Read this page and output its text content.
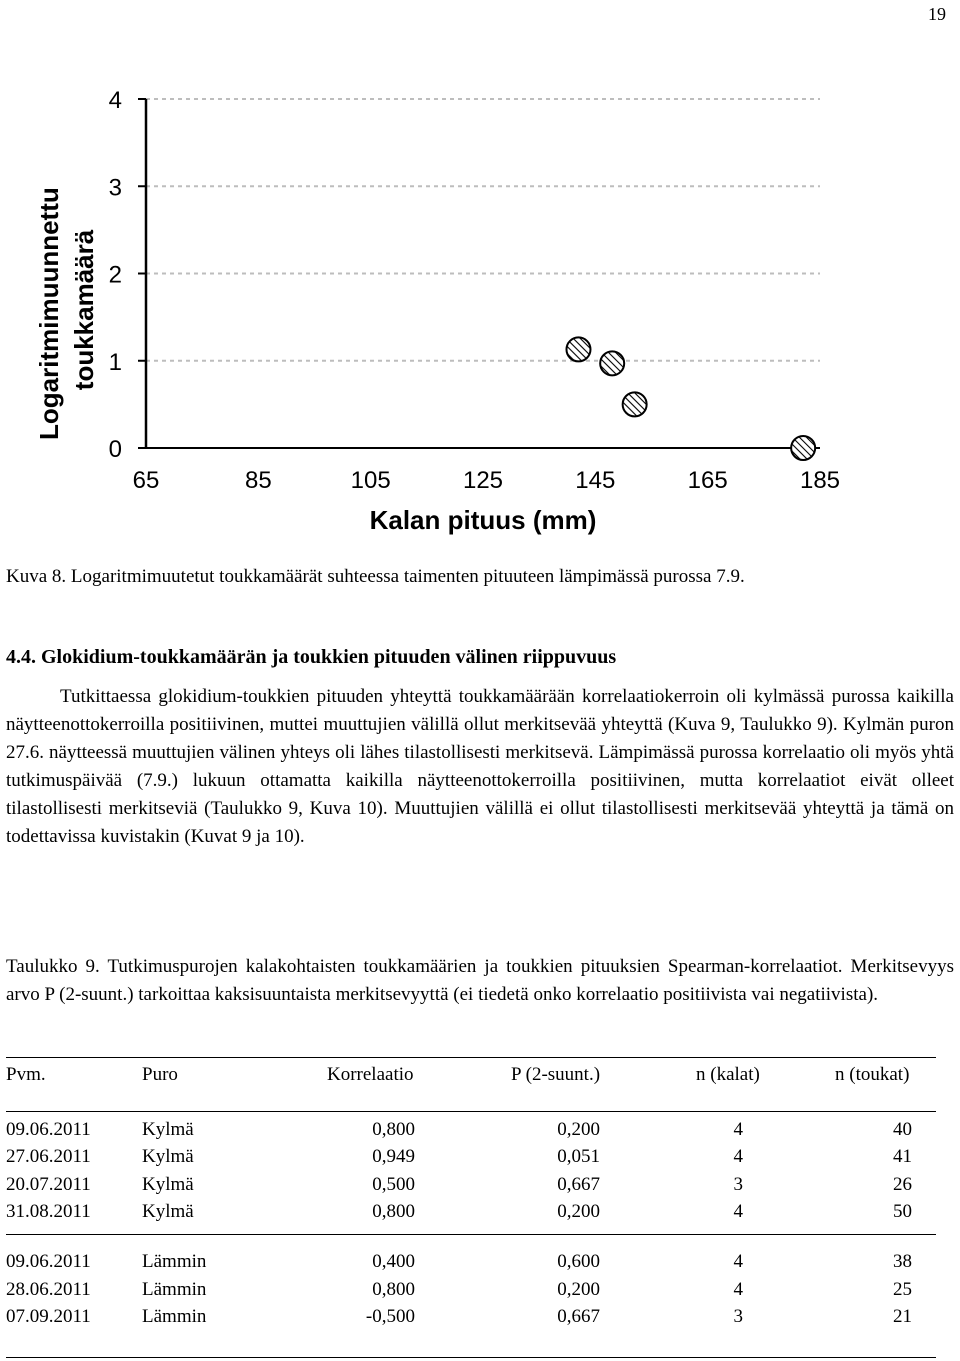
19
0
1
2
3
4
65	85	105	125	145	165	185
Kalan pituus (mm)
Logaritmimuunnettu toukkamäärä
Kuva 8. Logaritmimuutetut toukkamäärät suhteessa taimenten pituuteen lämpimässä purossa 7.9.
4.4. Glokidium-toukkamäärän ja toukkien pituuden välinen riippuvuus
Tutkittaessa glokidium-toukkien pituuden yhteyttä toukkamäärään korrelaatiokerroin oli kylmässä purossa kaikilla näytteenottokerroilla positiivinen, muttei muuttujien välillä ollut merkitsevää yhteyttä (Kuva 9, Taulukko 9). Kylmän puron 27.6. näytteessä muuttujien välinen yhteys oli lähes tilastollisesti merkitsevä. Lämpimässä purossa korrelaatio oli myös yhtä tutkimuspäivää (7.9.) lukuun ottamatta kaikilla näytteenottokerroilla positiivinen, mutta korrelaatiot eivät olleet tilastollisesti merkitseviä (Taulukko 9, Kuva 10). Muuttujien välillä ei ollut tilastollisesti merkitsevää yhteyttä ja tämä on todettavissa kuvistakin (Kuvat 9 ja 10).
Taulukko 9. Tutkimuspurojen kalakohtaisten toukkamäärien ja toukkien pituuksien Spearman-korrelaatiot. Merkitsevyys arvo P (2-suunt.) tarkoittaa kaksisuuntaista merkitsevyyttä (ei tiedetä onko korrelaatio positiivista vai negatiivista).
Pvm.	Puro	Korrelaatio	P (2-suunt.)	n (kalat)	n (toukat)
09.06.2011	Kylmä	0,800	0,200	4	40
27.06.2011	Kylmä	0,949	0,051	4	41
20.07.2011	Kylmä	0,500	0,667	3	26
31.08.2011	Kylmä	0,800	0,200	4	50
09.06.2011	Lämmin	0,400	0,600	4	38
28.06.2011	Lämmin	0,800	0,200	4	25
07.09.2011	Lämmin	-0,500	0,667	3	21
